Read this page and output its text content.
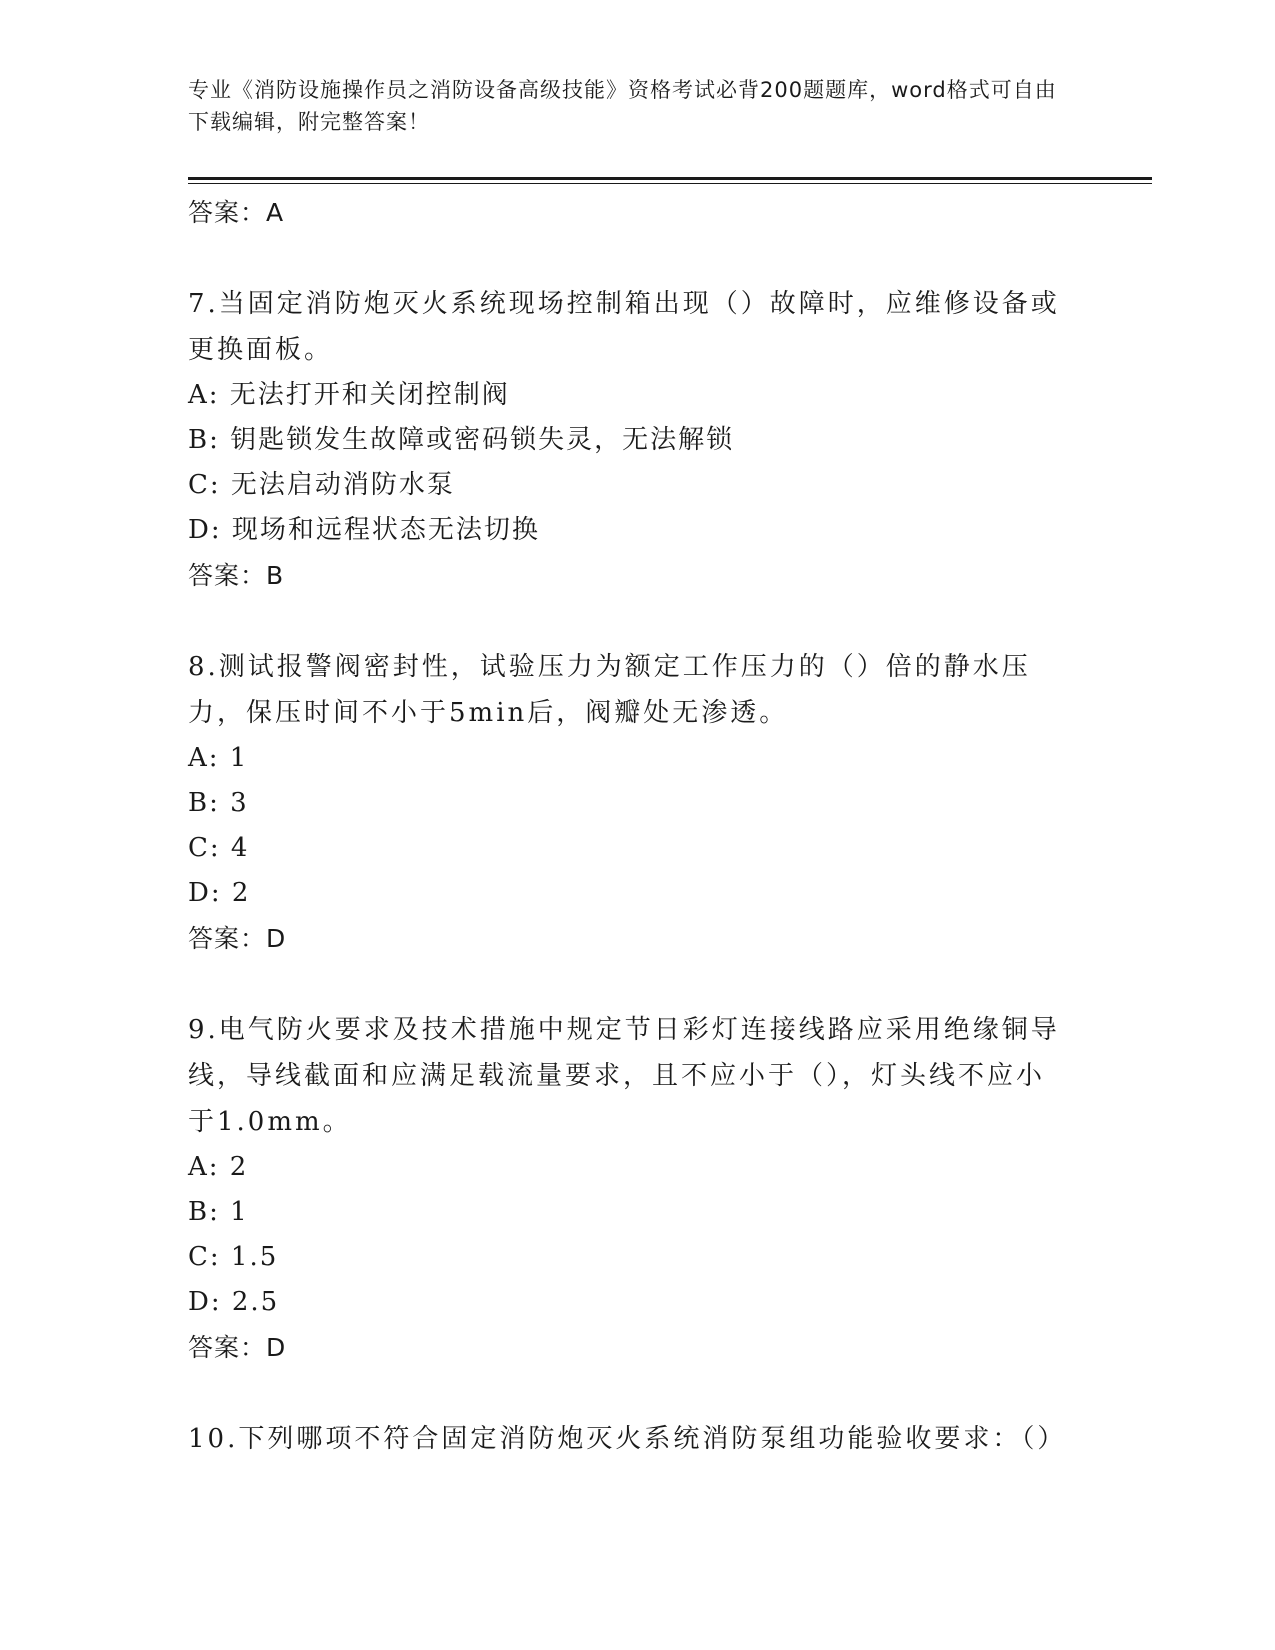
专业《消防设施操作员之消防设备高级技能》资格考试必背200题题库，word格式可自由下载编辑，附完整答案！

答案：A

7.当固定消防炮灭火系统现场控制箱出现（）故障时，应维修设备或更换面板。

A: 无法打开和关闭控制阀

B: 钥匙锁发生故障或密码锁失灵，无法解锁

C: 无法启动消防水泵

D: 现场和远程状态无法切换

答案：B

8.测试报警阀密封性，试验压力为额定工作压力的（）倍的静水压力，保压时间不小于5min后，阀瓣处无渗透。

A: 1

B: 3

C: 4

D: 2

答案：D

9.电气防火要求及技术措施中规定节日彩灯连接线路应采用绝缘铜导线，导线截面和应满足载流量要求，且不应小于（），灯头线不应小于1.0mm。

A: 2

B: 1

C: 1.5

D: 2.5

答案：D

10.下列哪项不符合固定消防炮灭火系统消防泵组功能验收要求：（）
